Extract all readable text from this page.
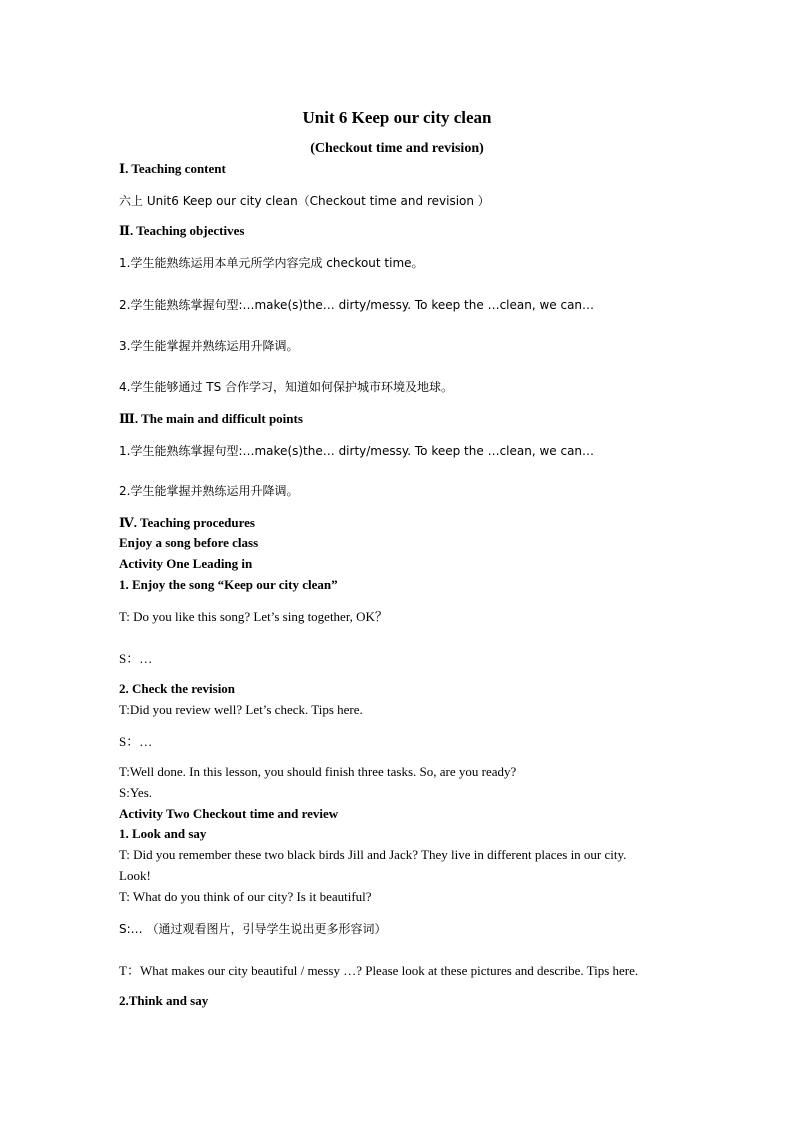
Unit 6 Keep our city clean
(Checkout time and revision)
Ⅰ. Teaching content
六上 Unit6 Keep our city clean（Checkout time and revision ）
Ⅱ. Teaching objectives
1.学生能熟练运用本单元所学内容完成 checkout time。
2.学生能熟练掌握句型:…make(s)the… dirty/messy. To keep the …clean, we can…
3.学生能掌握并熟练运用升降调。
4.学生能够通过 TS 合作学习，知道如何保护城市环境及地球。
Ⅲ. The main and difficult points
1.学生能熟练掌握句型:…make(s)the… dirty/messy. To keep the …clean, we can…
2.学生能掌握并熟练运用升降调。
Ⅳ. Teaching procedures
Enjoy a song before class
Activity One Leading in
1. Enjoy the song “Keep our city clean”
T: Do you like this song? Let’s sing together, OK？
S：…
2. Check the revision
T:Did you review well? Let’s check. Tips here.
S：…
T:Well done. In this lesson, you should finish three tasks. So, are you ready?
S:Yes.
Activity Two Checkout time and review
1. Look and say
T: Did you remember these two black birds Jill and Jack? They live in different places in our city.
Look!
T: What do you think of our city? Is it beautiful?
S:… （通过观看图片，引导学生说出更多形容词）
T：What makes our city beautiful / messy …? Please look at these pictures and describe. Tips here.
2.Think and say
